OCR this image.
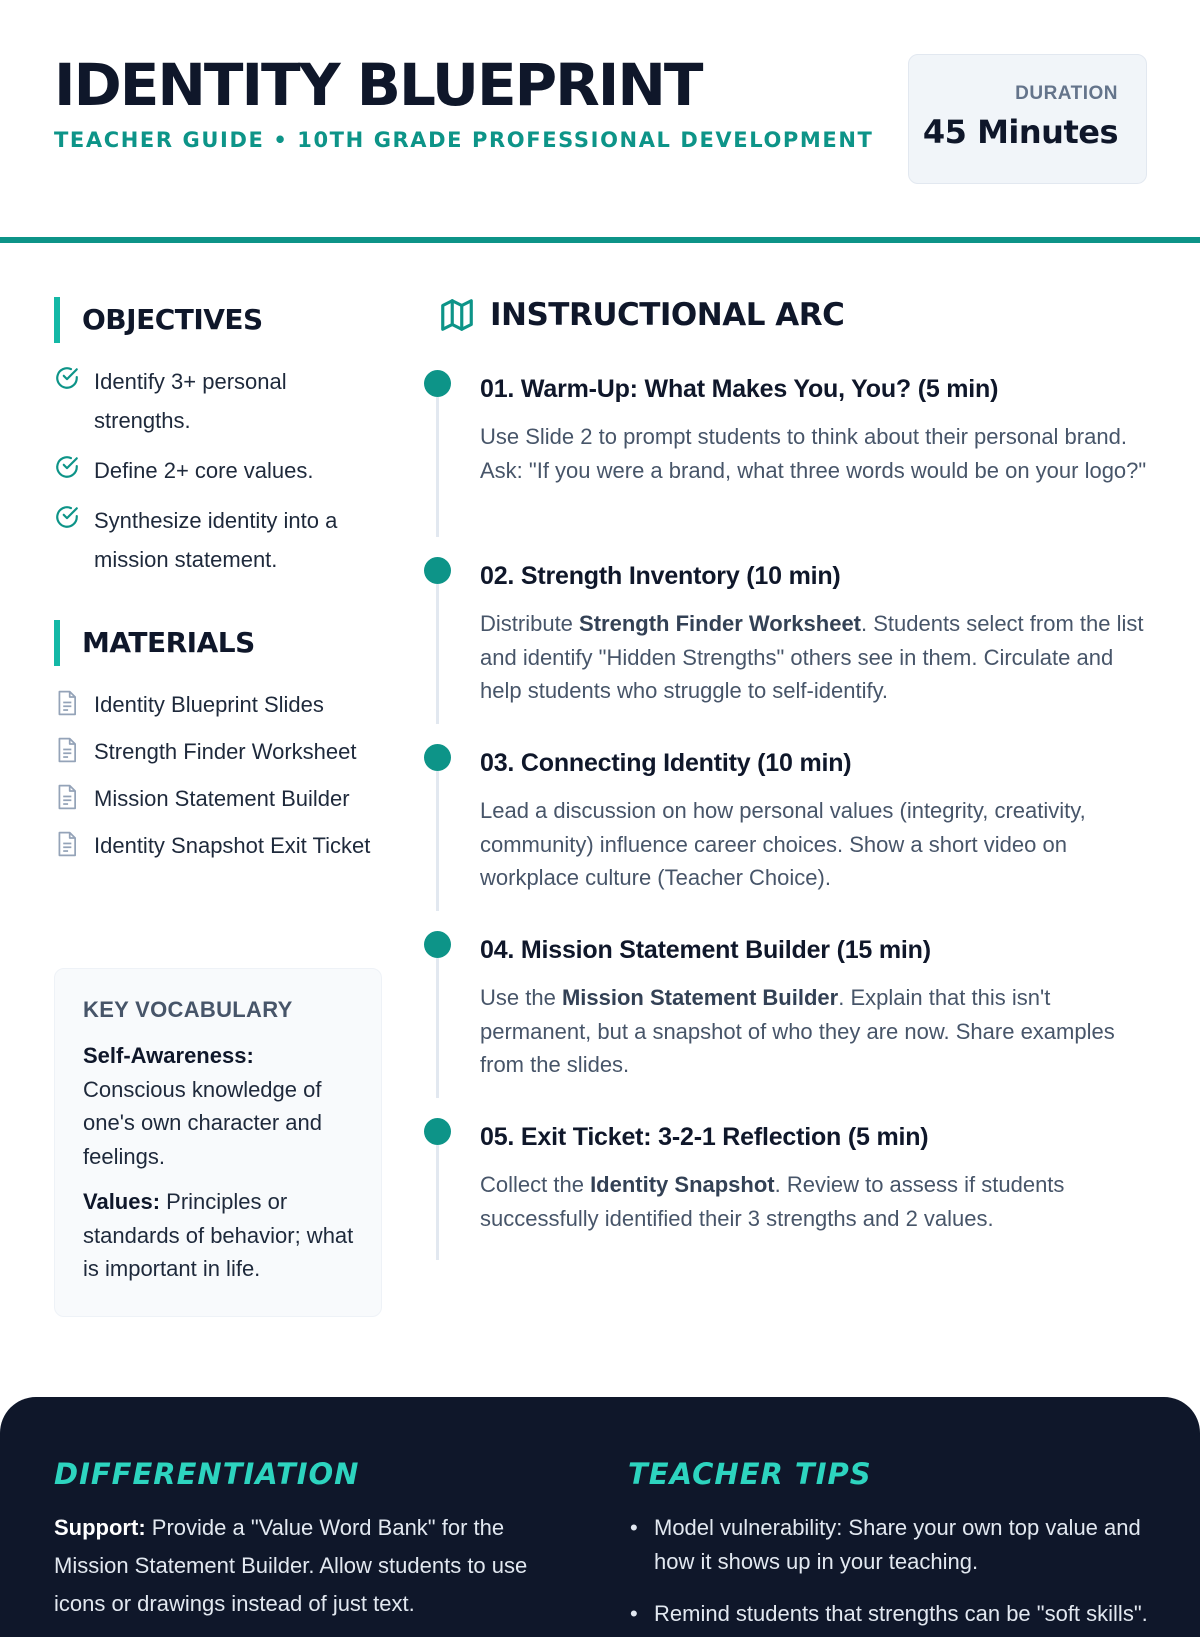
IDENTITY BLUEPRINT
TEACHER GUIDE • 10TH GRADE PROFESSIONAL DEVELOPMENT
DURATION
45 Minutes
OBJECTIVES
Identify 3+ personal strengths.
Define 2+ core values.
Synthesize identity into a mission statement.
MATERIALS
Identity Blueprint Slides
Strength Finder Worksheet
Mission Statement Builder
Identity Snapshot Exit Ticket
KEY VOCABULARY

Self-Awareness: Conscious knowledge of one's own character and feelings.

Values: Principles or standards of behavior; what is important in life.

INSTRUCTIONAL ARC
01. Warm-Up: What Makes You, You? (5 min)
Use Slide 2 to prompt students to think about their personal brand. Ask: "If you were a brand, what three words would be on your logo?"
02. Strength Inventory (10 min)
Distribute Strength Finder Worksheet. Students select from the list and identify "Hidden Strengths" others see in them. Circulate and help students who struggle to self-identify.
03. Connecting Identity (10 min)
Lead a discussion on how personal values (integrity, creativity, community) influence career choices. Show a short video on workplace culture (Teacher Choice).
04. Mission Statement Builder (15 min)
Use the Mission Statement Builder. Explain that this isn't permanent, but a snapshot of who they are now. Share examples from the slides.
05. Exit Ticket: 3-2-1 Reflection (5 min)
Collect the Identity Snapshot. Review to assess if students successfully identified their 3 strengths and 2 values.
DIFFERENTIATION
Support: Provide a "Value Word Bank" for the Mission Statement Builder. Allow students to use icons or drawings instead of just text.
TEACHER TIPS
• Model vulnerability: Share your own top value and how it shows up in your teaching.
• Remind students that strengths can be "soft skills".
